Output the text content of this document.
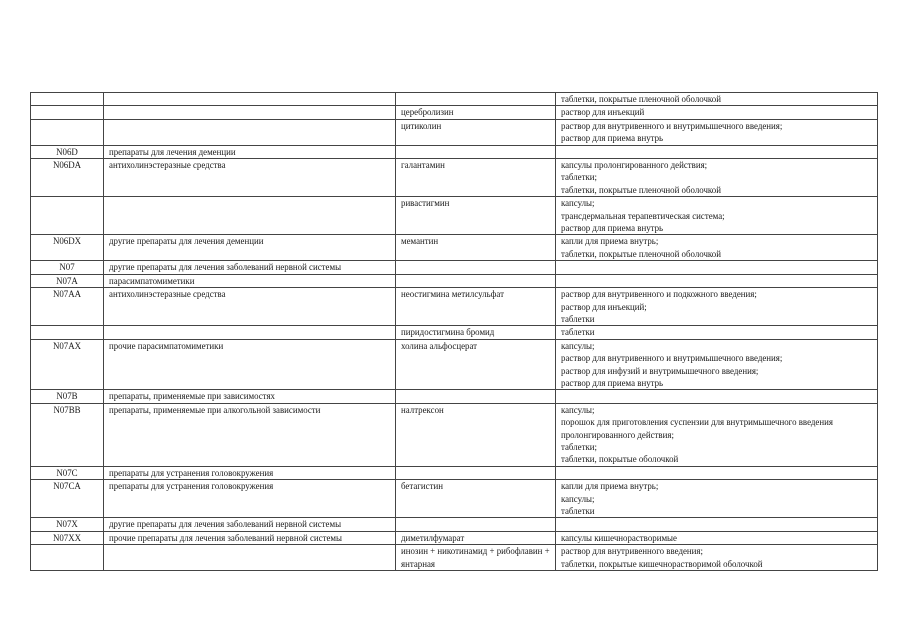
			таблетки, покрытые пленочной оболочкой

		церебролизин	раствор для инъекций

		цитиколин	раствор для внутривенного и внутримышечного введения;
раствор для приема внутрь

N06D	препараты для лечения деменции		
N06DA	антихолинэстеразные средства	галантамин	капсулы пролонгированного действия;
таблетки;
таблетки, покрытые пленочной оболочкой

		ривастигмин	капсулы;
трансдермальная терапевтическая система;
раствор для приема внутрь

N06DX	другие препараты для лечения деменции	мемантин	капли для приема внутрь;
таблетки, покрытые пленочной оболочкой

N07	другие препараты для лечения заболеваний нервной системы		
N07A	парасимпатомиметики		
N07AA	антихолинэстеразные средства	неостигмина метилсульфат	раствор для внутривенного и подкожного введения;
раствор для инъекций;
таблетки

		пиридостигмина бромид	таблетки

N07AX	прочие парасимпатомиметики	холина альфосцерат	капсулы;
раствор для внутривенного и внутримышечного введения;
раствор для инфузий и внутримышечного введения;
раствор для приема внутрь

N07B	препараты, применяемые при зависимостях		
N07BB	препараты, применяемые при алкогольной зависимости	налтрексон	капсулы;
порошок для приготовления суспензии для внутримышечного введения пролонгированного действия;
таблетки;
таблетки, покрытые оболочкой

N07C	препараты для устранения головокружения		
N07CA	препараты для устранения головокружения	бетагистин	капли для приема внутрь;
капсулы;
таблетки

N07X	другие препараты для лечения заболеваний нервной системы		
N07XX	прочие препараты для лечения заболеваний нервной системы	диметилфумарат	капсулы кишечнорастворимые

		инозин + никотинамид + рибофлавин + янтарная	раствор для внутривенного введения;
таблетки, покрытые кишечнорастворимой оболочкой
